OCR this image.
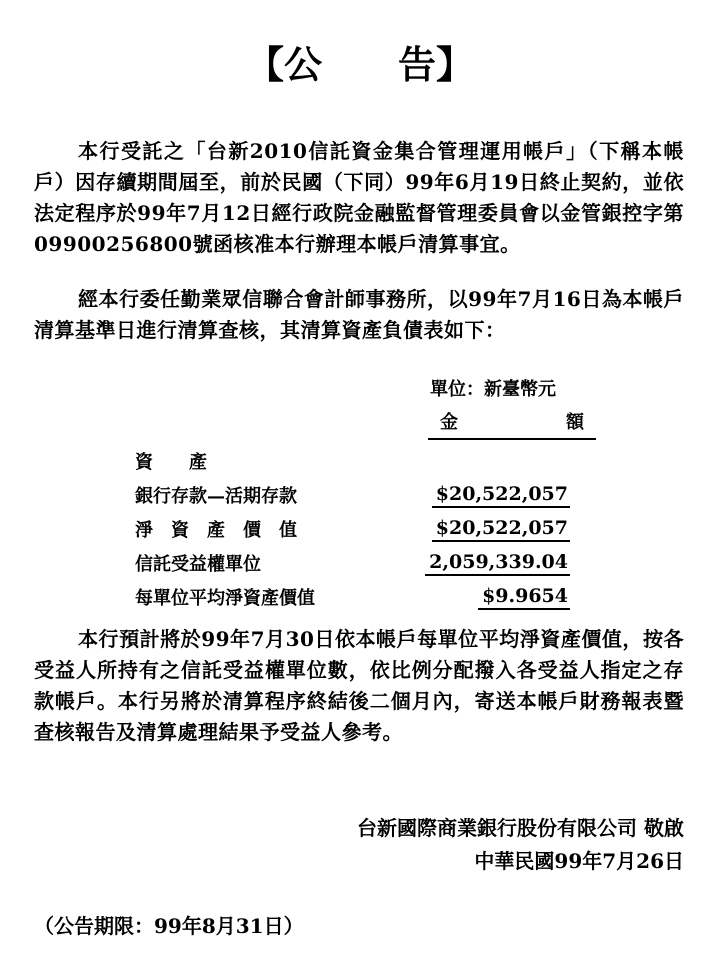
【公　　告】

本行受託之「台新2010信託資金集合管理運用帳戶」（下稱本帳戶）因存續期間屆至，前於民國（下同）99年6月19日終止契約，並依法定程序於99年7月12日經行政院金融監督管理委員會以金管銀控字第09900256800號函核准本行辦理本帳戶清算事宜。

經本行委任勤業眾信聯合會計師事務所，以99年7月16日為本帳戶清算基準日進行清算查核，其清算資產負債表如下：

單位：新臺幣元
金	額
資　　產
銀行存款—活期存款	$20,522,057
淨　資　產　價　值	$20,522,057
信託受益權單位	2,059,339.04
每單位平均淨資產價值	$9.9654

本行預計將於99年7月30日依本帳戶每單位平均淨資產價值，按各受益人所持有之信託受益權單位數，依比例分配撥入各受益人指定之存款帳戶。本行另將於清算程序終結後二個月內，寄送本帳戶財務報表暨查核報告及清算處理結果予受益人參考。

台新國際商業銀行股份有限公司 敬啟
中華民國99年7月26日
（公告期限：99年8月31日）
